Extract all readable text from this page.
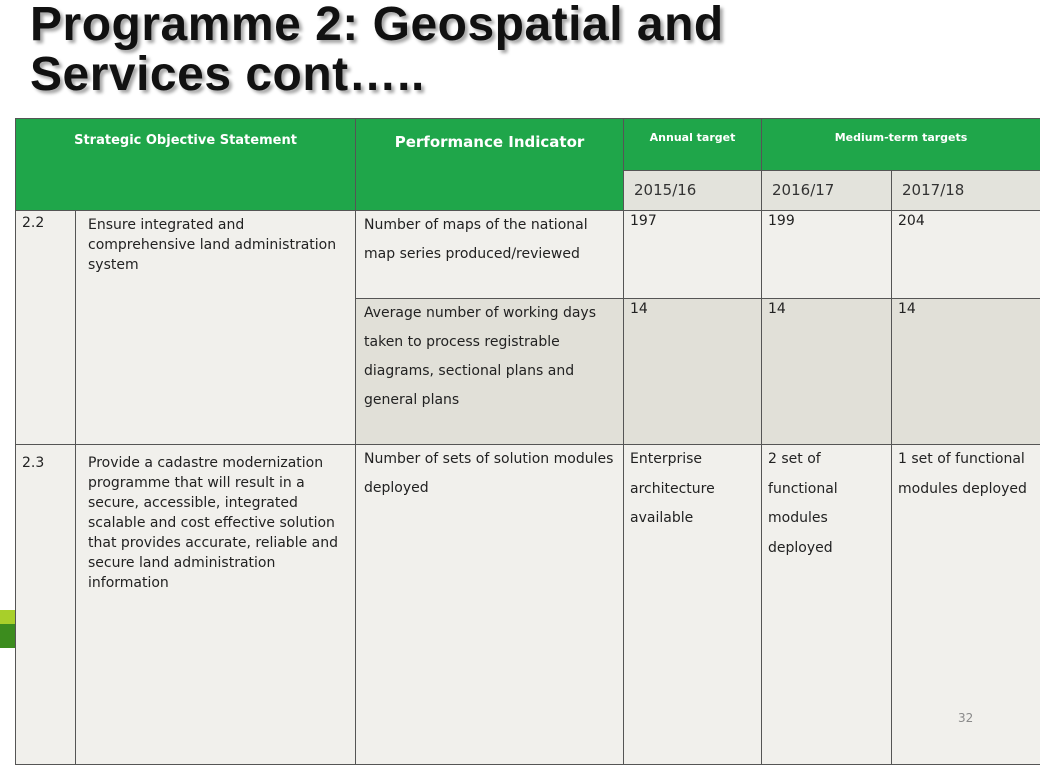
Programme 2: Geospatial and
Services cont…..
Strategic Objective Statement		Performance Indicator	Annual target	Medium-term targets	
			2015/16	2016/17	2017/18
2.2	Ensure integrated and comprehensive land administration system	Number of maps of the national map series produced/reviewed	197	199	204
		Average number of working days taken to process registrable diagrams, sectional plans and general plans	14	14	14
2.3	Provide a cadastre modernization programme that will result in a secure, accessible, integrated scalable and cost effective solution that provides accurate, reliable and secure land administration information	Number of sets of solution modules deployed	Enterprise architecture available	2 set of functional modules deployed	1 set of functional modules deployed
32
